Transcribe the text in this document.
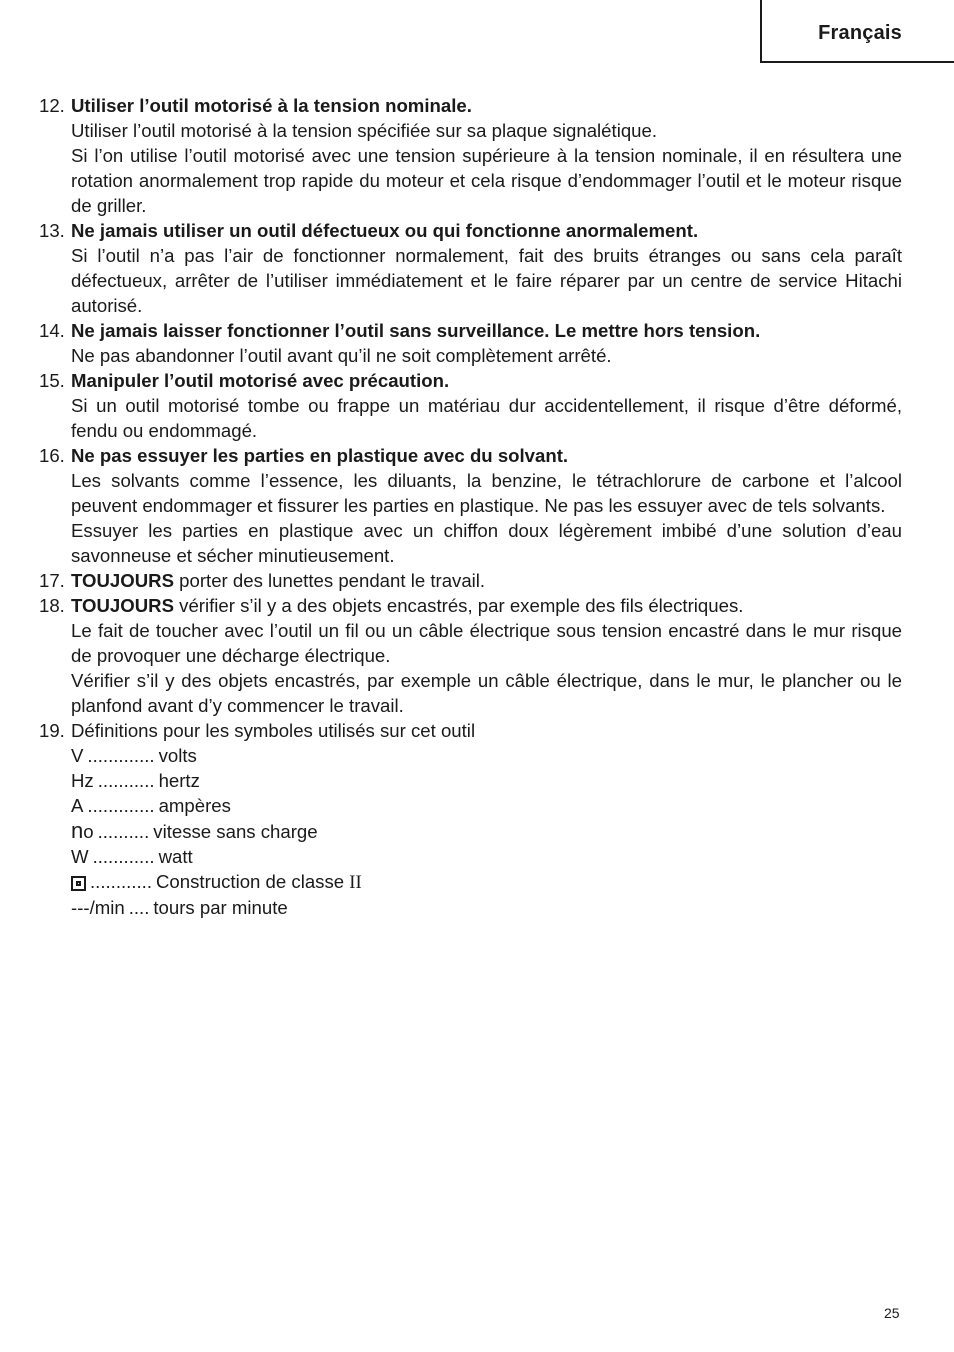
Français
12. Utiliser l’outil motorisé à la tension nominale.
Utiliser l’outil motorisé à la tension spécifiée sur sa plaque signalétique.
Si l’on utilise l’outil motorisé avec une tension supérieure à la tension nominale, il en résultera une rotation anormalement trop rapide du moteur et cela risque d’endommager l’outil et le moteur risque de griller.
13. Ne jamais utiliser un outil défectueux ou qui fonctionne anormalement.
Si l’outil n’a pas l’air de fonctionner normalement, fait des bruits étranges ou sans cela paraît défectueux, arrêter de l’utiliser immédiatement et le faire réparer par un centre de service Hitachi autorisé.
14. Ne jamais laisser fonctionner l’outil sans surveillance. Le mettre hors tension.
Ne pas abandonner l’outil avant qu’il ne soit complètement arrêté.
15. Manipuler l’outil motorisé avec précaution.
Si un outil motorisé tombe ou frappe un matériau dur accidentellement, il risque d’être déformé, fendu ou endommagé.
16. Ne pas essuyer les parties en plastique avec du solvant.
Les solvants comme l’essence, les diluants, la benzine, le tétrachlorure de carbone et l’alcool peuvent endommager et fissurer les parties en plastique. Ne pas les essuyer avec de tels solvants.
Essuyer les parties en plastique avec un chiffon doux légèrement imbibé d’une solution d’eau savonneuse et sécher minutieusement.
17. TOUJOURS porter des lunettes pendant le travail.
18. TOUJOURS vérifier s’il y a des objets encastrés, par exemple des fils électriques.
Le fait de toucher avec l’outil un fil ou un câble électrique sous tension encastré dans le mur risque de provoquer une décharge électrique.
Vérifier s’il y des objets encastrés, par exemple un câble électrique, dans le mur, le plancher ou le planfond avant d’y commencer le travail.
19. Définitions pour les symboles utilisés sur cet outil
V ............. volts
Hz ........... hertz
A ............. ampères
n o .......... vitesse sans charge
W ............ watt
............ Construction de classe II
---/min .... tours par minute
25
